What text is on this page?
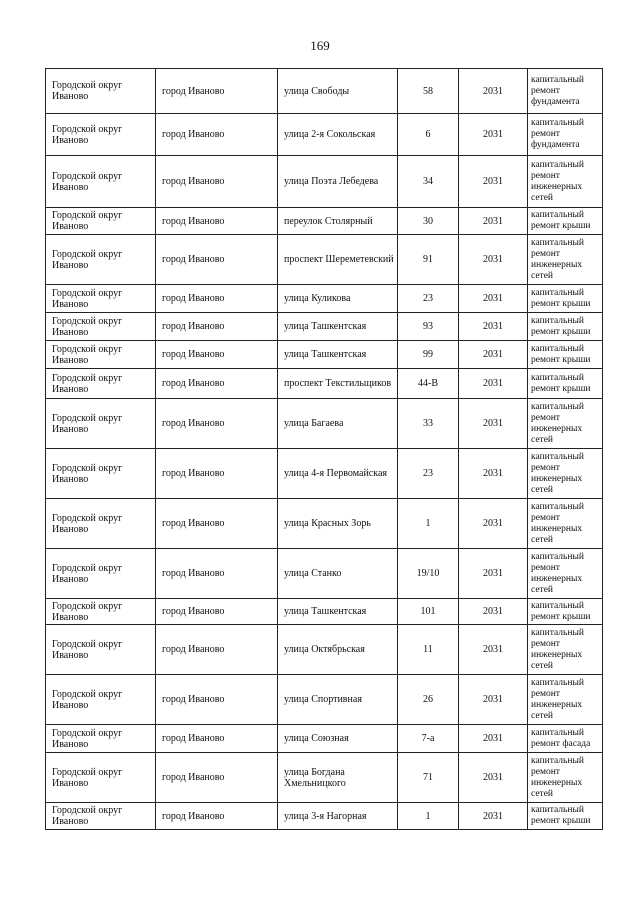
169
Городской округ Иваново	город Иваново	улица Свободы	58	2031	капитальный ремонт фундамента
Городской округ Иваново	город Иваново	улица 2-я Сокольская	6	2031	капитальный ремонт фундамента
Городской округ Иваново	город Иваново	улица Поэта Лебедева	34	2031	капитальный ремонт инженерных сетей
Городской округ Иваново	город Иваново	переулок Столярный	30	2031	капитальный ремонт крыши
Городской округ Иваново	город Иваново	проспект Шереметевский	91	2031	капитальный ремонт инженерных сетей
Городской округ Иваново	город Иваново	улица Куликова	23	2031	капитальный ремонт крыши
Городской округ Иваново	город Иваново	улица Ташкентская	93	2031	капитальный ремонт крыши
Городской округ Иваново	город Иваново	улица Ташкентская	99	2031	капитальный ремонт крыши
Городской округ Иваново	город Иваново	проспект Текстильщиков	44-В	2031	капитальный ремонт крыши
Городской округ Иваново	город Иваново	улица Багаева	33	2031	капитальный ремонт инженерных сетей
Городской округ Иваново	город Иваново	улица 4-я Первомайская	23	2031	капитальный ремонт инженерных сетей
Городской округ Иваново	город Иваново	улица Красных Зорь	1	2031	капитальный ремонт инженерных сетей
Городской округ Иваново	город Иваново	улица Станко	19/10	2031	капитальный ремонт инженерных сетей
Городской округ Иваново	город Иваново	улица Ташкентская	101	2031	капитальный ремонт крыши
Городской округ Иваново	город Иваново	улица Октябрьская	11	2031	капитальный ремонт инженерных сетей
Городской округ Иваново	город Иваново	улица Спортивная	26	2031	капитальный ремонт инженерных сетей
Городской округ Иваново	город Иваново	улица Союзная	7-а	2031	капитальный ремонт фасада
Городской округ Иваново	город Иваново	улица Богдана Хмельницкого	71	2031	капитальный ремонт инженерных сетей
Городской округ Иваново	город Иваново	улица 3-я Нагорная	1	2031	капитальный ремонт крыши
